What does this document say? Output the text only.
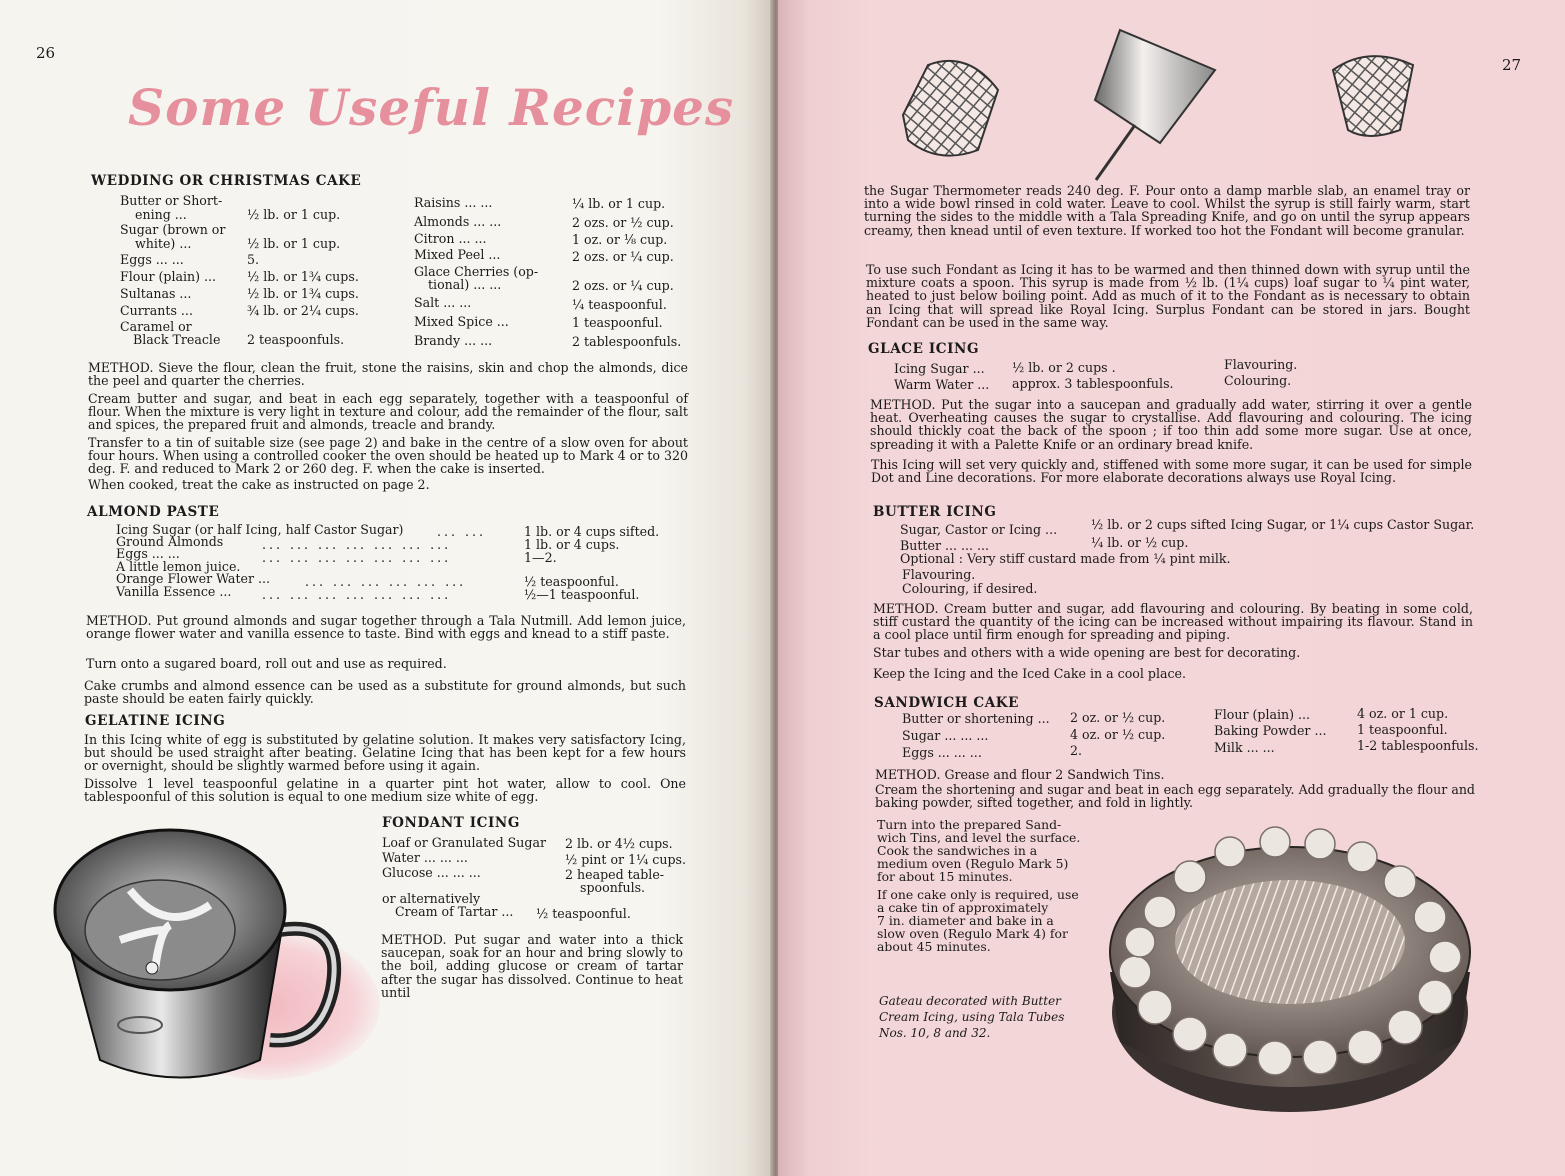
26
Some Useful Recipes
WEDDING OR CHRISTMAS CAKE
Butter or Short-
ening ...	½ lb. or 1 cup.
Sugar (brown or
white) ...	½ lb. or 1 cup.
Eggs ... ...	5.
Flour (plain) ... ½ lb. or 1¾ cups.
Sultanas ...	½ lb. or 1¾ cups.
Currants ...	¾ lb. or 2¼ cups.
Caramel or
Black Treacle 2 teaspoonfuls.
Raisins ... ...	¼ lb. or 1 cup.
Almonds ... ...	2 ozs. or ½ cup.
Citron ... ...	1 oz. or ⅛ cup.
Mixed Peel ...	2 ozs. or ¼ cup.
Glace Cherries (op-
tional) ... ...	2 ozs. or ¼ cup.
Salt ... ...	¼ teaspoonful.
Mixed Spice ...	1 teaspoonful.
Brandy ... ...	2 tablespoonfuls.

METHOD. Sieve the flour, clean the fruit, stone the raisins, skin and chop the almonds, dice the peel and quarter the cherries.

Cream butter and sugar, and beat in each egg separately, together with a teaspoonful of flour. When the mixture is very light in texture and colour, add the remainder of the flour, salt and spices, the prepared fruit and almonds, treacle and brandy.

Transfer to a tin of suitable size (see page 2) and bake in the centre of a slow oven for about four hours. When using a controlled cooker the oven should be heated up to Mark 4 or to 320 deg. F. and reduced to Mark 2 or 260 deg. F. when the cake is inserted.

When cooked, treat the cake as instructed on page 2.

ALMOND PASTE
Icing Sugar (or half Icing, half Castor Sugar)	... ...	1 lb. or 4 cups sifted.
Ground Almonds	... ... ... ... ... ... ...	1 lb. or 4 cups.
Eggs ... ...	... ... ... ... ... ... ...	1—2.
A little lemon juice.
Orange Flower Water ...	... ... ... ... ... ...	½ teaspoonful.
Vanilla Essence ... ... ... ... ... ... ... ...	½—1 teaspoonful.

METHOD. Put ground almonds and sugar together through a Tala Nutmill. Add lemon juice, orange flower water and vanilla essence to taste. Bind with eggs and knead to a stiff paste.

Turn onto a sugared board, roll out and use as required.

Cake crumbs and almond essence can be used as a substitute for ground almonds, but such paste should be eaten fairly quickly.

GELATINE ICING

In this Icing white of egg is substituted by gelatine solution. It makes very satisfactory Icing, but should be used straight after beating. Gelatine Icing that has been kept for a few hours or overnight, should be slightly warmed before using it again.

Dissolve 1 level teaspoonful gelatine in a quarter pint hot water, allow to cool. One tablespoonful of this solution is equal to one medium size white of egg.

FONDANT ICING
Loaf or Granulated Sugar 2 lb. or 4½ cups.
Water ... ... ...	½ pint or 1¼ cups.
Glucose ... ... ...	2 heaped table-
spoonfuls.
or alternatively
Cream of Tartar ... ½ teaspoonful.

METHOD. Put sugar and water into a thick saucepan, soak for an hour and bring slowly to the boil, adding glucose or cream of tartar after the sugar has dissolved. Continue to heat until

27

the Sugar Thermometer reads 240 deg. F. Pour onto a damp marble slab, an enamel tray or into a wide bowl rinsed in cold water. Leave to cool. Whilst the syrup is still fairly warm, start turning the sides to the middle with a Tala Spreading Knife, and go on until the syrup appears creamy, then knead until of even texture. If worked too hot the Fondant will become granular.

To use such Fondant as Icing it has to be warmed and then thinned down with syrup until the mixture coats a spoon. This syrup is made from ½ lb. (1¼ cups) loaf sugar to ¼ pint water, heated to just below boiling point. Add as much of it to the Fondant as is necessary to obtain an Icing that will spread like Royal Icing. Surplus Fondant can be stored in jars. Bought Fondant can be used in the same way.

GLACE ICING
Icing Sugar ... ½ lb. or 2 cups .	Flavouring.
Warm Water ... approx. 3 tablespoonfuls.	Colouring.

METHOD. Put the sugar into a saucepan and gradually add water, stirring it over a gentle heat. Overheating causes the sugar to crystallise. Add flavouring and colouring. The icing should thickly coat the back of the spoon ; if too thin add some more sugar. Use at once, spreading it with a Palette Knife or an ordinary bread knife.

This Icing will set very quickly and, stiffened with some more sugar, it can be used for simple Dot and Line decorations. For more elaborate decorations always use Royal Icing.

BUTTER ICING
Sugar, Castor or Icing ...	½ lb. or 2 cups sifted Icing Sugar, or 1¼ cups Castor Sugar.
Butter ... ... ...	¼ lb. or ½ cup.
Optional : Very stiff custard made from ¼ pint milk.
Flavouring.
Colouring, if desired.

METHOD. Cream butter and sugar, add flavouring and colouring. By beating in some cold, stiff custard the quantity of the icing can be increased without impairing its flavour. Stand in a cool place until firm enough for spreading and piping.

Star tubes and others with a wide opening are best for decorating.

Keep the Icing and the Iced Cake in a cool place.

SANDWICH CAKE
Butter or shortening ... 2 oz. or ½ cup.
Sugar ... ... ...	4 oz. or ½ cup.
Eggs ... ... ...	2.
Flour (plain) ...	4 oz. or 1 cup.
Baking Powder ... 1 teaspoonful.
Milk ... ...	1-2 tablespoonfuls.

METHOD. Grease and flour 2 Sandwich Tins.

Cream the shortening and sugar and beat in each egg separately. Add gradually the flour and baking powder, sifted together, and fold in lightly.

Turn into the prepared Sand-
wich Tins, and level the surface.
Cook the sandwiches in a
medium oven (Regulo Mark 5)
for about 15 minutes.
If one cake only is required, use
a cake tin of approximately
7 in. diameter and bake in a
slow oven (Regulo Mark 4) for
about 45 minutes.
Gateau decorated with Butter
Cream Icing, using Tala Tubes
Nos. 10, 8 and 32.
